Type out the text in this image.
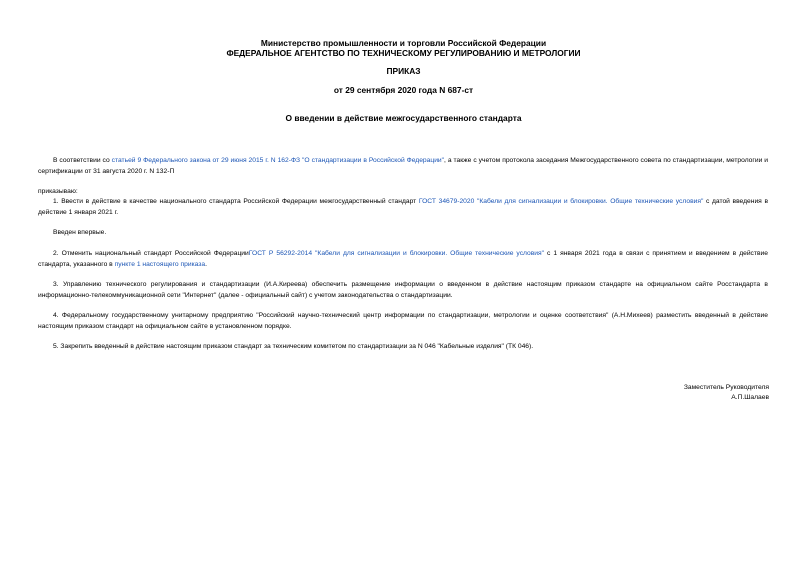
Министерство промышленности и торговли Российской Федерации
ФЕДЕРАЛЬНОЕ АГЕНТСТВО ПО ТЕХНИЧЕСКОМУ РЕГУЛИРОВАНИЮ И МЕТРОЛОГИИ
ПРИКАЗ
от 29 сентября 2020 года N 687-ст
О введении в действие межгосударственного стандарта
В соответствии со статьей 9 Федерального закона от 29 июня 2015 г. N 162-ФЗ "О стандартизации в Российской Федерации", а также с учетом протокола заседания Межгосударственного совета по стандартизации, метрологии и сертификации от 31 августа 2020 г. N 132-П
приказываю:
1. Ввести в действие в качестве национального стандарта Российской Федерации межгосударственный стандарт ГОСТ 34679-2020 "Кабели для сигнализации и блокировки. Общие технические условия" с датой введения в действие 1 января 2021 г.
Введен впервые.
2. Отменить национальный стандарт Российской ФедерацииГОСТ Р 56292-2014 "Кабели для сигнализации и блокировки. Общие технические условия" с 1 января 2021 года в связи с принятием и введением в действие стандарта, указанного в пункте 1 настоящего приказа.
3. Управлению технического регулирования и стандартизации (И.А.Киреева) обеспечить размещение информации о введенном в действие настоящим приказом стандарте на официальном сайте Росстандарта в информационно-телекоммуникационной сети "Интернет" (далее - официальный сайт) с учетом законодательства о стандартизации.
4. Федеральному государственному унитарному предприятию "Российский научно-технический центр информации по стандартизации, метрологии и оценке соответствия" (А.Н.Михеев) разместить введенный в действие настоящим приказом стандарт на официальном сайте в установленном порядке.
5. Закрепить введенный в действие настоящим приказом стандарт за техническим комитетом по стандартизации за N 046 "Кабельные изделия" (ТК 046).
Заместитель Руководителя
А.П.Шалаев
